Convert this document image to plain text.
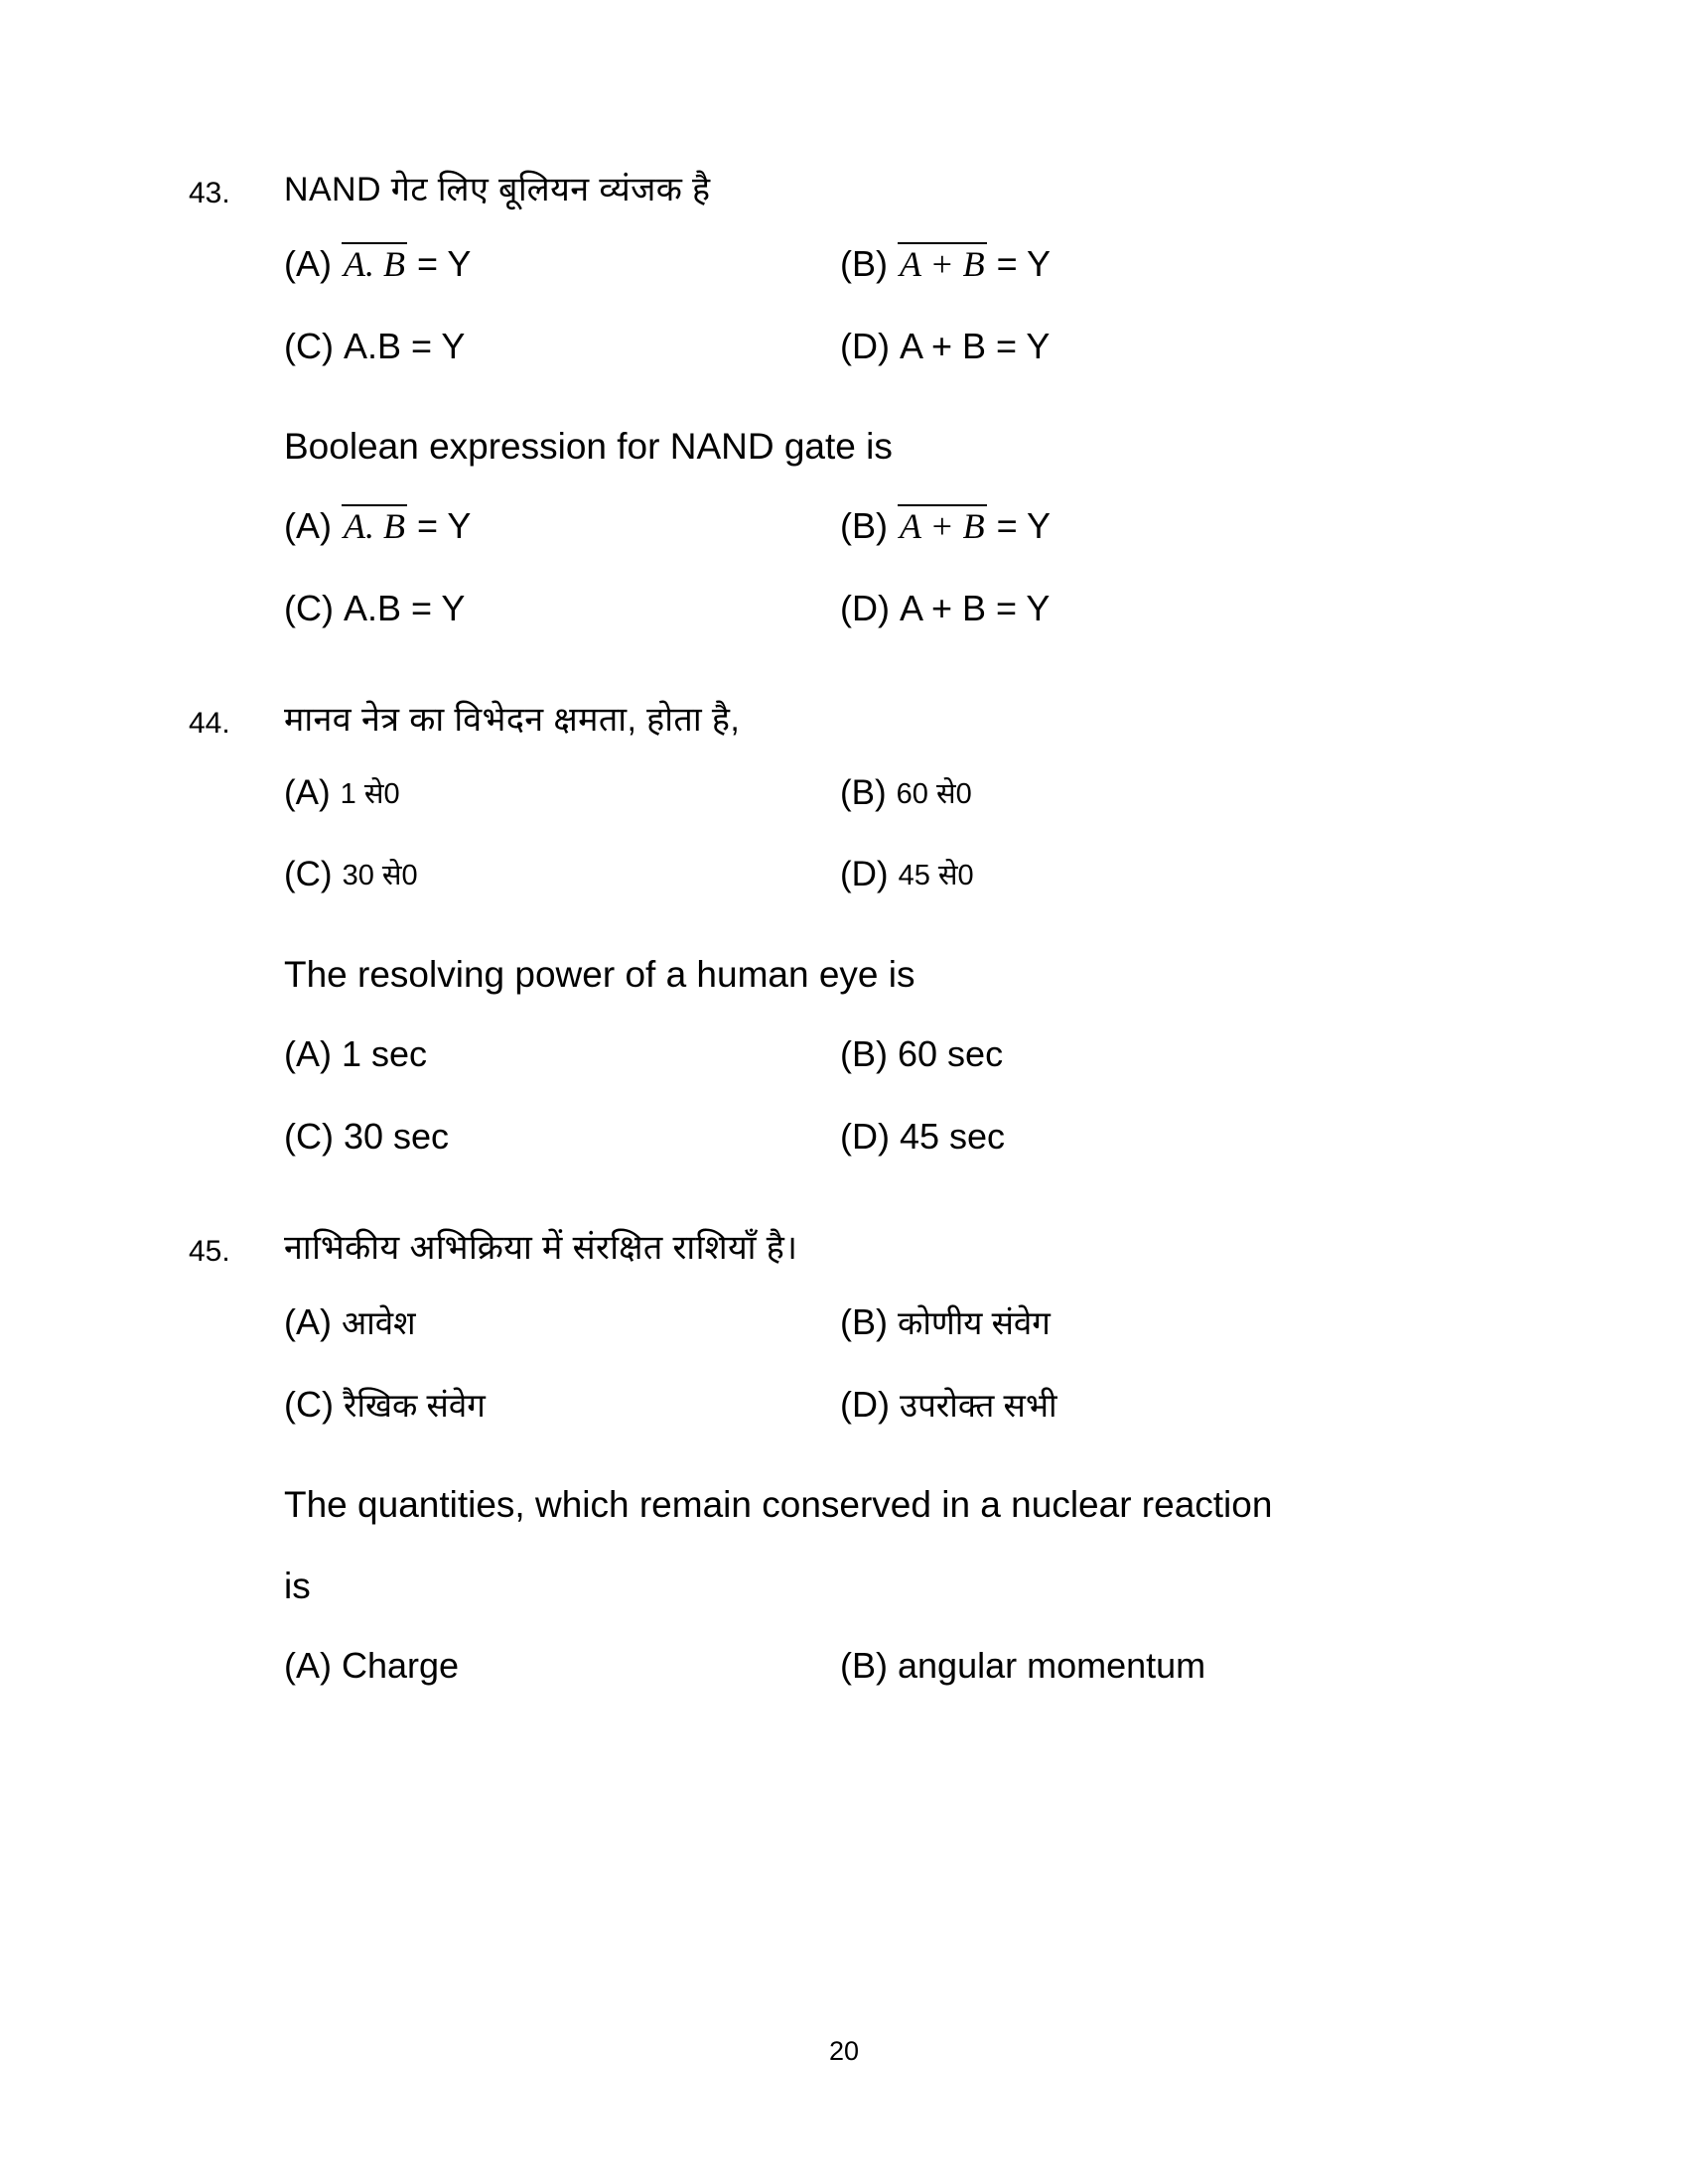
43.	NAND गेट लिए बूलियन व्यंजक है
(A) A. B = Y	(B) A + B = Y
(C) A.B = Y	(D) A + B = Y
Boolean expression for NAND gate is
(A) A. B = Y	(B) A + B = Y
(C) A.B = Y	(D) A + B = Y
44.	मानव नेत्र का विभेदन क्षमता, होता है,
(A) 1 से0	(B) 60 से0
(C) 30 से0	(D) 45 से0
The resolving power of a human eye is
(A) 1 sec	(B) 60 sec
(C) 30 sec	(D) 45 sec
45.	नाभिकीय अभिक्रिया में संरक्षित राशियाँ है।
(A) आवेश	(B) कोणीय संवेग
(C) रैखिक संवेग	(D) उपरोक्त सभी
The quantities, which remain conserved in a nuclear reaction
is
(A) Charge	(B) angular momentum
20
